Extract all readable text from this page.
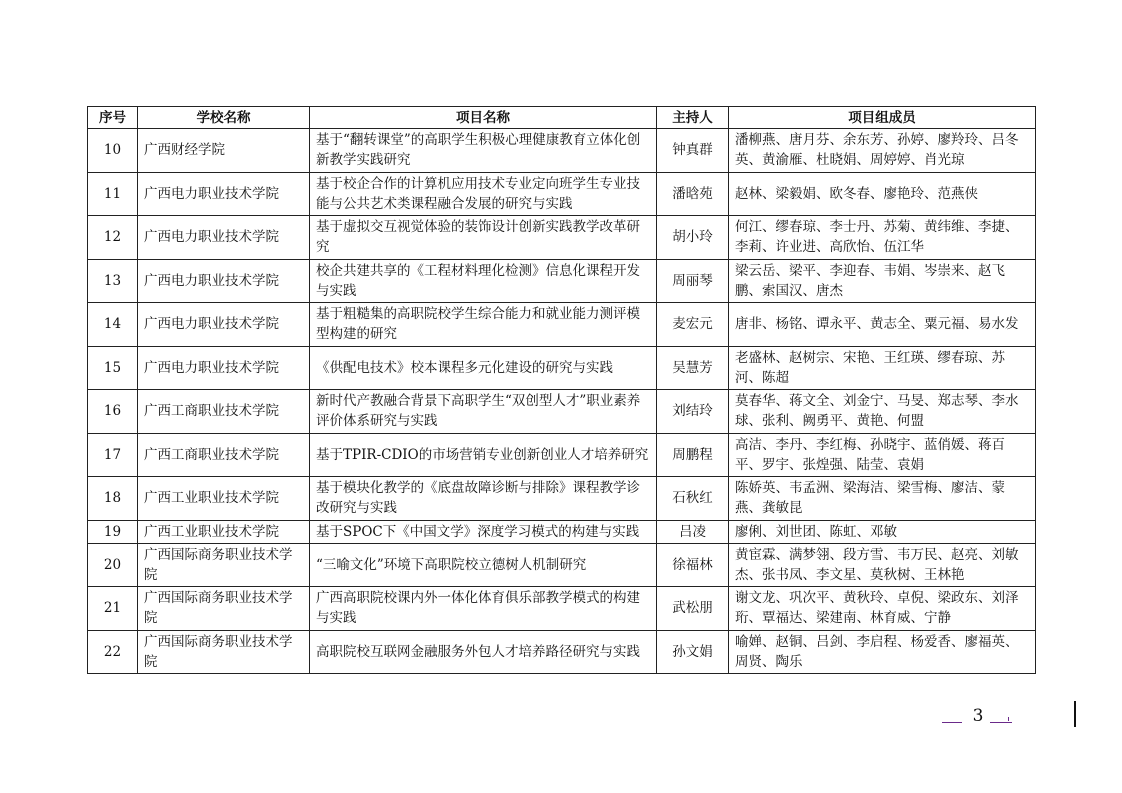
序号	学校名称	项目名称	主持人	项目组成员
10	广西财经学院	基于“翻转课堂”的高职学生积极心理健康教育立体化创新教学实践研究	钟真群	潘柳燕、唐月芬、余东芳、孙婷、廖羚玲、吕冬英、黄渝雁、杜晓娟、周婷婷、肖光琼
11	广西电力职业技术学院	基于校企合作的计算机应用技术专业定向班学生专业技能与公共艺术类课程融合发展的研究与实践	潘晗苑	赵林、梁毅娟、欧冬春、廖艳玲、范燕侠
12	广西电力职业技术学院	基于虚拟交互视觉体验的装饰设计创新实践教学改革研究	胡小玲	何江、缪春琼、李士丹、苏菊、黄纬维、李捷、李莉、许业进、高欣怡、伍江华
13	广西电力职业技术学院	校企共建共享的《工程材料理化检测》信息化课程开发与实践	周丽琴	梁云岳、梁平、李迎春、韦娟、岑崇来、赵飞鹏、索国汉、唐杰
14	广西电力职业技术学院	基于粗糙集的高职院校学生综合能力和就业能力测评模型构建的研究	麦宏元	唐非、杨铭、谭永平、黄志全、粟元福、易水发
15	广西电力职业技术学院	《供配电技术》校本课程多元化建设的研究与实践	吴慧芳	老盛林、赵树宗、宋艳、王红瑛、缪春琼、苏河、陈超
16	广西工商职业技术学院	新时代产教融合背景下高职学生“双创型人才”职业素养评价体系研究与实践	刘结玲	莫春华、蒋文全、刘金宁、马旻、郑志琴、李水球、张利、阙勇平、黄艳、何盟
17	广西工商职业技术学院	基于TPIR-CDIO的市场营销专业创新创业人才培养研究	周鹏程	高洁、李丹、李红梅、孙晓宇、蓝俏媛、蒋百平、罗宇、张煌强、陆莹、袁娟
18	广西工业职业技术学院	基于模块化教学的《底盘故障诊断与排除》课程教学诊改研究与实践	石秋红	陈娇英、韦孟洲、梁海洁、梁雪梅、廖洁、蒙燕、龚敏昆
19	广西工业职业技术学院	基于SPOC下《中国文学》深度学习模式的构建与实践	吕凌	廖俐、刘世团、陈虹、邓敏
20	广西国际商务职业技术学院	“三喻文化”环境下高职院校立德树人机制研究	徐福林	黄宦霖、满梦翎、段方雪、韦万民、赵亮、刘敏杰、张书凤、李文星、莫秋树、王林艳
21	广西国际商务职业技术学院	广西高职院校课内外一体化体育俱乐部教学模式的构建与实践	武松朋	谢文龙、巩次平、黄秋玲、卓倪、梁政东、刘泽珩、覃福达、梁建南、林育威、宁静
22	广西国际商务职业技术学院	高职院校互联网金融服务外包人才培养路径研究与实践	孙文娟	喻婵、赵铜、吕剑、李启程、杨爱香、廖福英、周贤、陶乐
3
